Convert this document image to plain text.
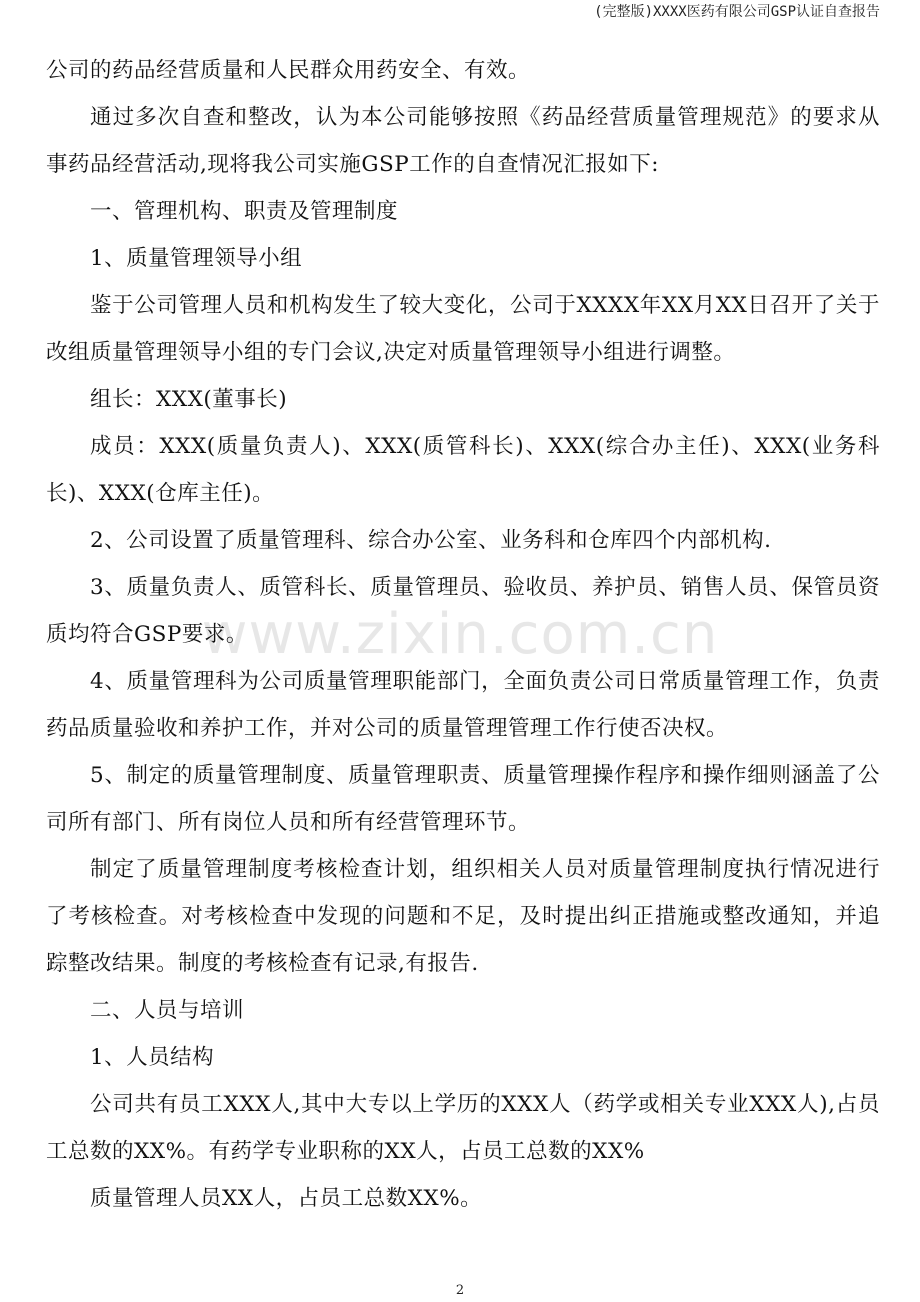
(完整版)XXXX医药有限公司GSP认证自查报告
www.zixin.com.cn

公司的药品经营质量和人民群众用药安全、有效。

通过多次自查和整改，认为本公司能够按照《药品经营质量管理规范》的要求从事药品经营活动,现将我公司实施GSP工作的自查情况汇报如下:

一、管理机构、职责及管理制度

1、质量管理领导小组

鉴于公司管理人员和机构发生了较大变化，公司于XXXX年XX月XX日召开了关于改组质量管理领导小组的专门会议,决定对质量管理领导小组进行调整。

组长：XXX(董事长)

成员：XXX(质量负责人)、XXX(质管科长)、XXX(综合办主任)、XXX(业务科长)、XXX(仓库主任)。

2、公司设置了质量管理科、综合办公室、业务科和仓库四个内部机构.

3、质量负责人、质管科长、质量管理员、验收员、养护员、销售人员、保管员资质均符合GSP要求。

4、质量管理科为公司质量管理职能部门，全面负责公司日常质量管理工作，负责药品质量验收和养护工作，并对公司的质量管理管理工作行使否决权。

5、制定的质量管理制度、质量管理职责、质量管理操作程序和操作细则涵盖了公司所有部门、所有岗位人员和所有经营管理环节。

制定了质量管理制度考核检查计划，组织相关人员对质量管理制度执行情况进行了考核检查。对考核检查中发现的问题和不足，及时提出纠正措施或整改通知，并追踪整改结果。制度的考核检查有记录,有报告.

二、人员与培训

1、人员结构

公司共有员工XXX人,其中大专以上学历的XXX人（药学或相关专业XXX人),占员工总数的XX%。有药学专业职称的XX人，占员工总数的XX%

质量管理人员XX人，占员工总数XX%。

2
